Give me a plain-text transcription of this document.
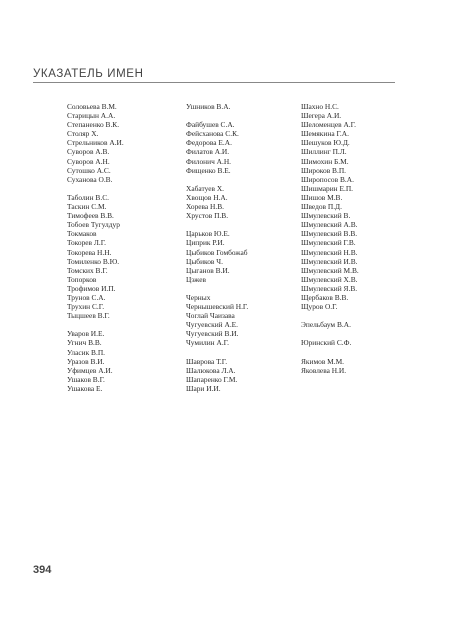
УКАЗАТЕЛЬ ИМЕН
Соловьева В.М.
Старицын А.А.
Степаненко В.К.
Столяр Х.
Стрельников А.И.
Суворов А.В.
Суворов А.Н.
Сутошко А.С.
Суханова О.В.
Таболин В.С.
Таскин С.М.
Тимофеев В.В.
Тобоев Тугулдур
Токмаков
Токорев Л.Г.
Токорева Н.Н.
Томиленко В.Ю.
Томских В.Г.
Топорков
Трофимов И.П.
Трунов С.А.
Трухин С.Г.
Тыцшеев В.Г.
Уваров И.Е.
Угнич В.В.
Уласик В.П.
Уразов В.И.
Уфимцев А.И.
Ушаков В.Г.
Ушакова Е.
Ушников В.А.
Файбушев С.А.
Фейсханова С.К.
Федорова Е.А.
Филатов А.И.
Филонич А.Н.
Фищенко В.Е.
Хабатуев Х.
Хвощов Н.А.
Хорева Н.В.
Хрустов П.В.
Царьков Ю.Е.
Циприк Р.И.
Цыбиков Гомбожаб
Цыбиков Ч.
Цыганов В.И.
Цэжев
Черных
Чернышевский Н.Г.
Чоглай Чаизава
Чугуевский А.Е.
Чугуевский В.И.
Чумилин А.Г.
Шаврова Т.Г.
Шалюкова Л.А.
Шапаренко Г.М.
Шари И.И.
Шахно Н.С.
Шегера А.И.
Шеломенцев А.Г.
Шемякина Г.А.
Шешуков Ю.Д.
Шиллинг П.Л.
Шимохин Б.М.
Широков В.П.
Широпосов В.А.
Шишмарин Е.П.
Шишов М.В.
Шведов П.Д.
Шмулевский В.
Шмулевский А.В.
Шмулевский В.В.
Шмулевский Г.В.
Шмулевский Н.В.
Шмулевский И.В.
Шмулевский М.В.
Шмулевский Х.В.
Шмулевский Я.В.
Щербаков В.В.
Щуров О.Г.
Эпельбаум В.А.
Юринский С.Ф.
Якимов М.М.
Яковлева Н.И.
394
